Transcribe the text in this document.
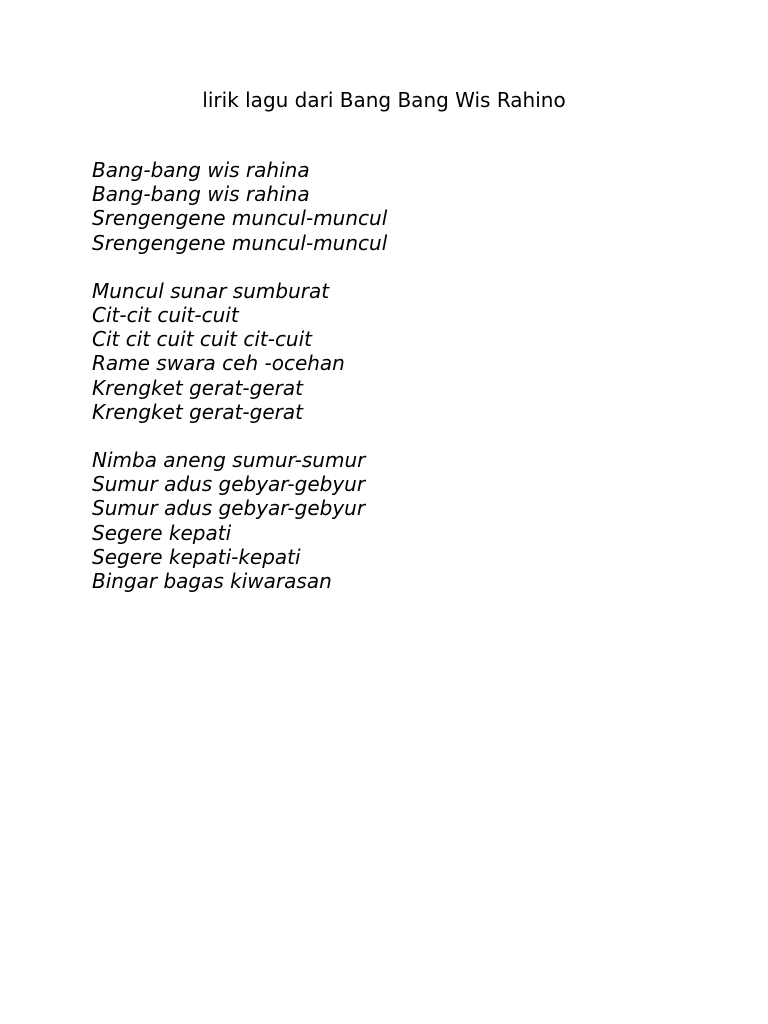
lirik lagu dari Bang Bang Wis Rahino
Bang-bang wis rahina
Bang-bang wis rahina
Srengengene muncul-muncul
Srengengene muncul-muncul
Muncul sunar sumburat
Cit-cit cuit-cuit
Cit cit cuit cuit cit-cuit
Rame swara ceh -ocehan
Krengket gerat-gerat
Krengket gerat-gerat
Nimba aneng sumur-sumur
Sumur adus gebyar-gebyur
Sumur adus gebyar-gebyur
Segere kepati
Segere kepati-kepati
Bingar bagas kiwarasan
